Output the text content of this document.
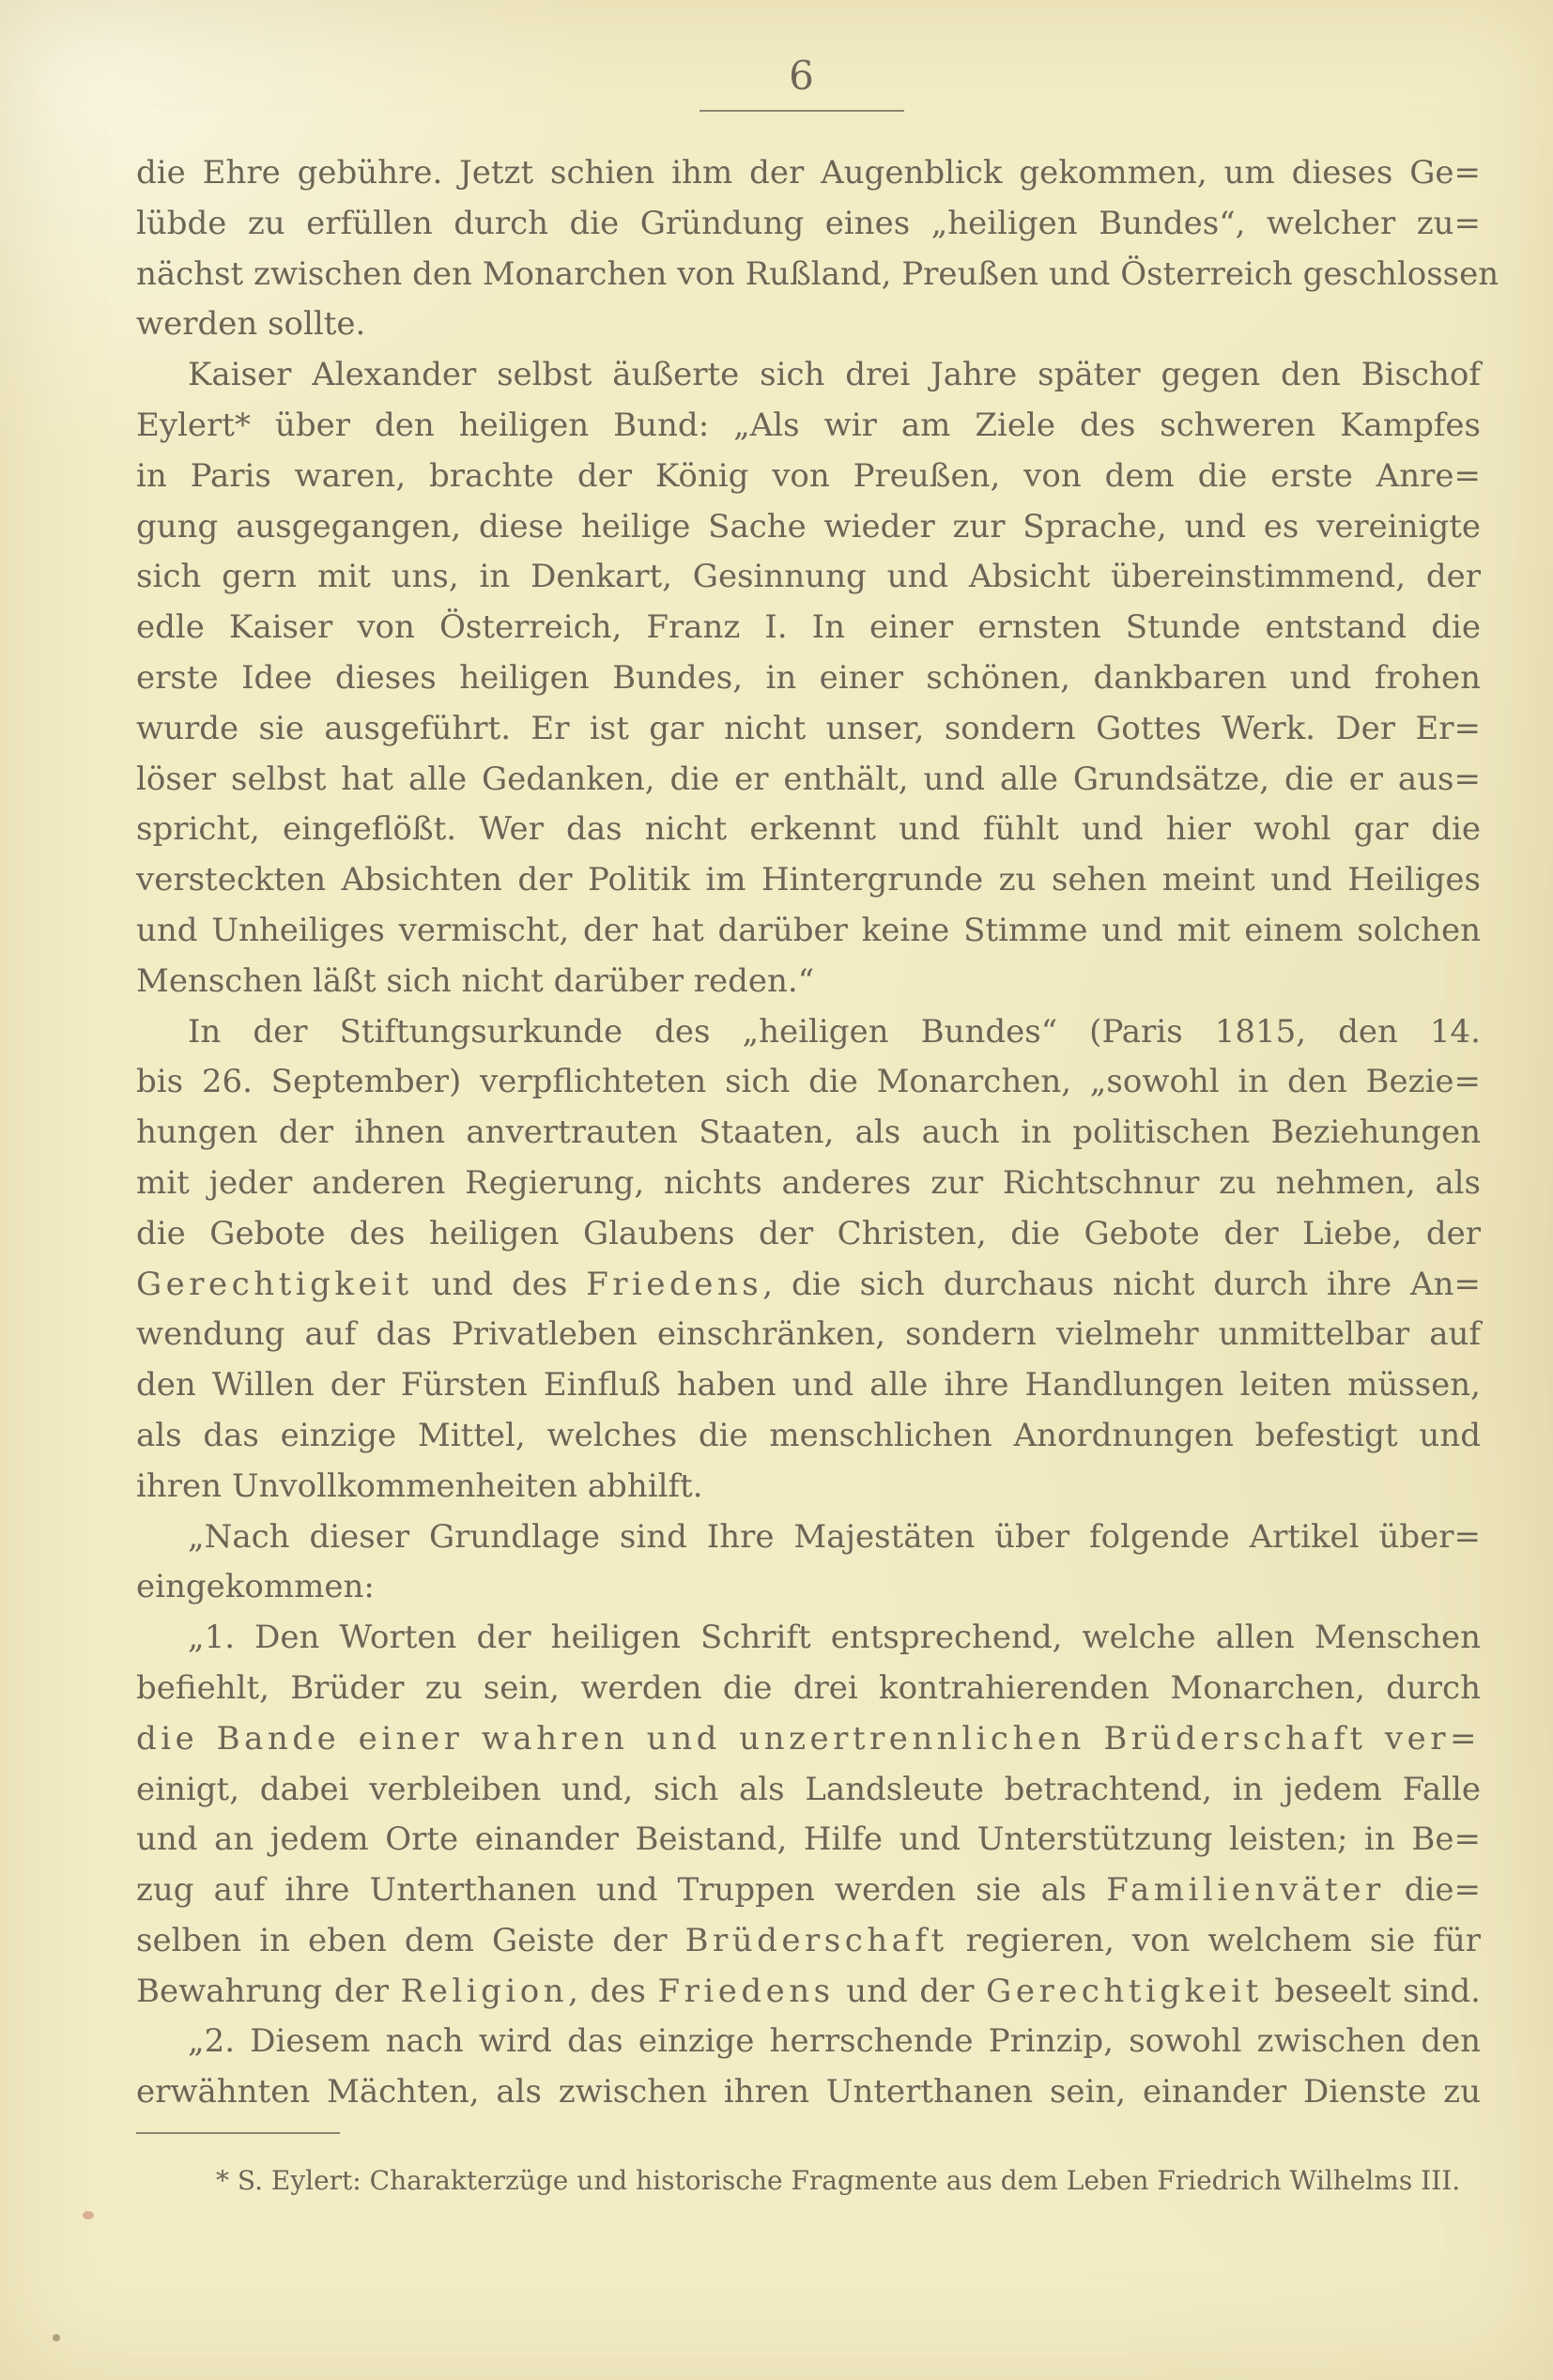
6
die Ehre gebühre. Jetzt schien ihm der Augenblick gekommen, um dieses Ge=
lübde zu erfüllen durch die Gründung eines „heiligen Bundes“, welcher zu=
nächst zwischen den Monarchen von Rußland, Preußen und Österreich geschlossen
werden sollte.
Kaiser Alexander selbst äußerte sich drei Jahre später gegen den Bischof
Eylert* über den heiligen Bund: „Als wir am Ziele des schweren Kampfes
in Paris waren, brachte der König von Preußen, von dem die erste Anre=
gung ausgegangen, diese heilige Sache wieder zur Sprache, und es vereinigte
sich gern mit uns, in Denkart, Gesinnung und Absicht übereinstimmend, der
edle Kaiser von Österreich, Franz I. In einer ernsten Stunde entstand die
erste Idee dieses heiligen Bundes, in einer schönen, dankbaren und frohen
wurde sie ausgeführt. Er ist gar nicht unser, sondern Gottes Werk. Der Er=
löser selbst hat alle Gedanken, die er enthält, und alle Grundsätze, die er aus=
spricht, eingeflößt. Wer das nicht erkennt und fühlt und hier wohl gar die
versteckten Absichten der Politik im Hintergrunde zu sehen meint und Heiliges
und Unheiliges vermischt, der hat darüber keine Stimme und mit einem solchen
Menschen läßt sich nicht darüber reden.“
In der Stiftungsurkunde des „heiligen Bundes“ (Paris 1815, den 14.
bis 26. September) verpflichteten sich die Monarchen, „sowohl in den Bezie=
hungen der ihnen anvertrauten Staaten, als auch in politischen Beziehungen
mit jeder anderen Regierung, nichts anderes zur Richtschnur zu nehmen, als
die Gebote des heiligen Glaubens der Christen, die Gebote der Liebe, der
Gerechtigkeit und des Friedens, die sich durchaus nicht durch ihre An=
wendung auf das Privatleben einschränken, sondern vielmehr unmittelbar auf
den Willen der Fürsten Einfluß haben und alle ihre Handlungen leiten müssen,
als das einzige Mittel, welches die menschlichen Anordnungen befestigt und
ihren Unvollkommenheiten abhilft.
„Nach dieser Grundlage sind Ihre Majestäten über folgende Artikel über=
eingekommen:
„1. Den Worten der heiligen Schrift entsprechend, welche allen Menschen
befiehlt, Brüder zu sein, werden die drei kontrahierenden Monarchen, durch
die Bande einer wahren und unzertrennlichen Brüderschaft ver=
einigt, dabei verbleiben und, sich als Landsleute betrachtend, in jedem Falle
und an jedem Orte einander Beistand, Hilfe und Unterstützung leisten; in Be=
zug auf ihre Unterthanen und Truppen werden sie als Familienväter die=
selben in eben dem Geiste der Brüderschaft regieren, von welchem sie für
Bewahrung der Religion, des Friedens und der Gerechtigkeit beseelt sind.
„2. Diesem nach wird das einzige herrschende Prinzip, sowohl zwischen den
erwähnten Mächten, als zwischen ihren Unterthanen sein, einander Dienste zu
* S. Eylert: Charakterzüge und historische Fragmente aus dem Leben Friedrich Wilhelms III.
